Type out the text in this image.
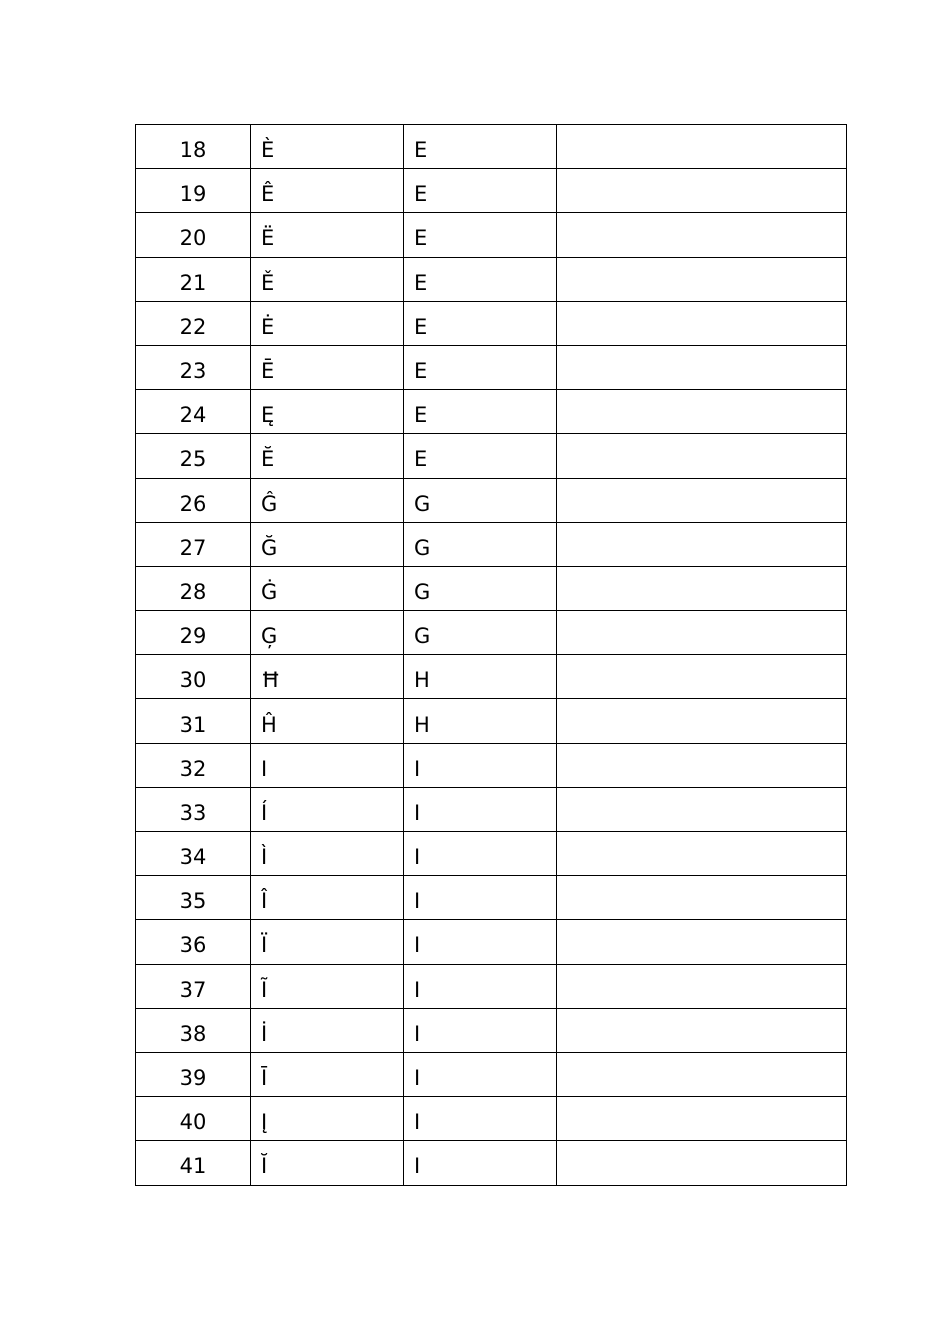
18	È	E	
19	Ê	E	
20	Ë	E	
21	Ě	E	
22	Ė	E	
23	Ē	E	
24	Ę	E	
25	Ĕ	E	
26	Ĝ	G	
27	Ğ	G	
28	Ġ	G	
29	Ģ	G	
30	Ħ	H	
31	Ĥ	H	
32	I	I	
33	Í	I	
34	Ì	I	
35	Î	I	
36	Ï	I	
37	Ĩ	I	
38	İ	I	
39	Ī	I	
40	Į	I	
41	Ĭ	I	
